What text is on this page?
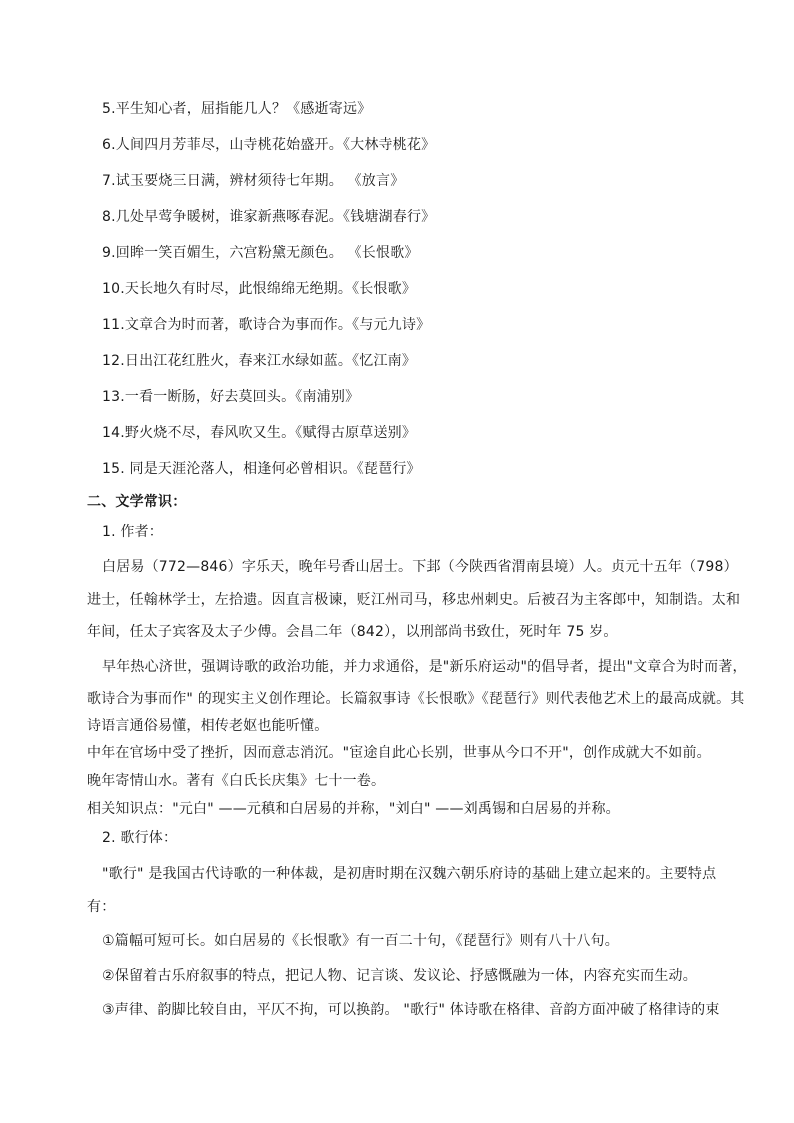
5.平生知心者，屈指能几人？《感逝寄远》
6.人间四月芳菲尽，山寺桃花始盛开。《大林寺桃花》
7.试玉要烧三日满，辨材须待七年期。 《放言》
8.几处早莺争暖树，谁家新燕啄春泥。《钱塘湖春行》
9.回眸一笑百媚生，六宫粉黛无颜色。 《长恨歌》
10.天长地久有时尽，此恨绵绵无绝期。《长恨歌》
11.文章合为时而著，歌诗合为事而作。《与元九诗》
12.日出江花红胜火，春来江水绿如蓝。《忆江南》
13.一看一断肠，好去莫回头。《南浦别》
14.野火烧不尽，春风吹又生。《赋得古原草送别》
15. 同是天涯沦落人，相逢何必曾相识。《琵琶行》
二、文学常识：
1. 作者：
白居易（772—846）字乐天，晚年号香山居士。下邽（今陕西省渭南县境）人。贞元十五年（798）
进士，任翰林学士，左拾遗。因直言极谏，贬江州司马，移忠州刺史。后被召为主客郎中，知制诰。太和
年间，任太子宾客及太子少傅。会昌二年（842），以刑部尚书致仕，死时年 75 岁。
早年热心济世，强调诗歌的政治功能，并力求通俗，是"新乐府运动"的倡导者，提出"文章合为时而著，
歌诗合为事而作" 的现实主义创作理论。长篇叙事诗《长恨歌》《琵琶行》则代表他艺术上的最高成就。其
诗语言通俗易懂，相传老妪也能听懂。
中年在官场中受了挫折，因而意志消沉。"宦途自此心长别，世事从今口不开"，创作成就大不如前。
晚年寄情山水。著有《白氏长庆集》七十一卷。
相关知识点："元白" ——元稹和白居易的并称，"刘白" ——刘禹锡和白居易的并称。
2. 歌行体：
"歌行" 是我国古代诗歌的一种体裁，是初唐时期在汉魏六朝乐府诗的基础上建立起来的。主要特点
有：
①篇幅可短可长。如白居易的《长恨歌》有一百二十句，《琵琶行》则有八十八句。
②保留着古乐府叙事的特点，把记人物、记言谈、发议论、抒感慨融为一体，内容充实而生动。
③声律、韵脚比较自由，平仄不拘，可以换韵。 "歌行" 体诗歌在格律、音韵方面冲破了格律诗的束
